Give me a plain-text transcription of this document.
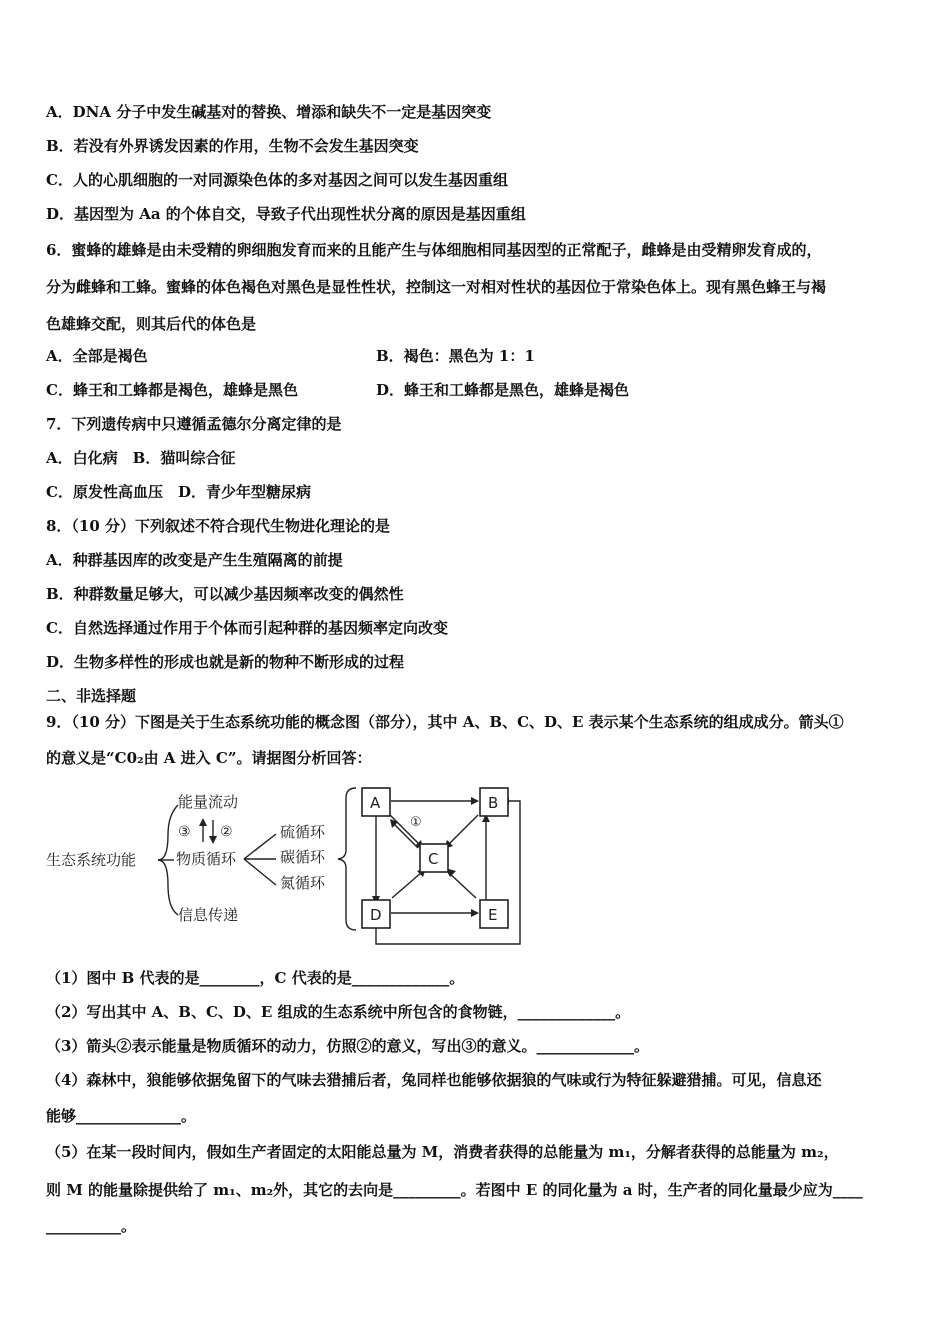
A．DNA 分子中发生碱基对的替换、增添和缺失不一定是基因突变
B．若没有外界诱发因素的作用，生物不会发生基因突变
C．人的心肌细胞的一对同源染色体的多对基因之间可以发生基因重组
D．基因型为 Aa 的个体自交，导致子代出现性状分离的原因是基因重组
6．蜜蜂的雄蜂是由未受精的卵细胞发育而来的且能产生与体细胞相同基因型的正常配子，雌蜂是由受精卵发育成的，
分为雌蜂和工蜂。蜜蜂的体色褐色对黑色是显性性状，控制这一对相对性状的基因位于常染色体上。现有黑色蜂王与褐
色雄蜂交配，则其后代的体色是
A．全部是褐色	B．褐色：黑色为 1：1
C．蜂王和工蜂都是褐色，雄蜂是黑色	D．蜂王和工蜂都是黑色，雄蜂是褐色
7．下列遗传病中只遵循孟德尔分离定律的是
A．白化病　B．猫叫综合征
C．原发性高血压　D．青少年型糖尿病
8．（10 分）下列叙述不符合现代生物进化理论的是
A．种群基因库的改变是产生生殖隔离的前提
B．种群数量足够大，可以减少基因频率改变的偶然性
C．自然选择通过作用于个体而引起种群的基因频率定向改变
D．生物多样性的形成也就是新的物种不断形成的过程
二、非选择题
9．（10 分）下图是关于生态系统功能的概念图（部分），其中 A、B、C、D、E 表示某个生态系统的组成成分。箭头①
的意义是“C0₂由 A 进入 C”。请据图分析回答：
生态系统功能
能量流动
③ ②
物质循环
信息传递
硫循环
碳循环
氮循环
①
A	B
C
D	E
（1）图中 B 代表的是________，C 代表的是_____________。
（2）写出其中 A、B、C、D、E 组成的生态系统中所包含的食物链，_____________。
（3）箭头②表示能量是物质循环的动力，仿照②的意义，写出③的意义。_____________。
（4）森林中，狼能够依据兔留下的气味去猎捕后者，兔同样也能够依据狼的气味或行为特征躲避猎捕。可见，信息还
能够______________。
（5）在某一段时间内，假如生产者固定的太阳能总量为 M，消费者获得的总能量为 m₁，分解者获得的总能量为 m₂，
则 M 的能量除提供给了 m₁、m₂外，其它的去向是_________。若图中 E 的同化量为 a 时，生产者的同化量最少应为____
__________。
